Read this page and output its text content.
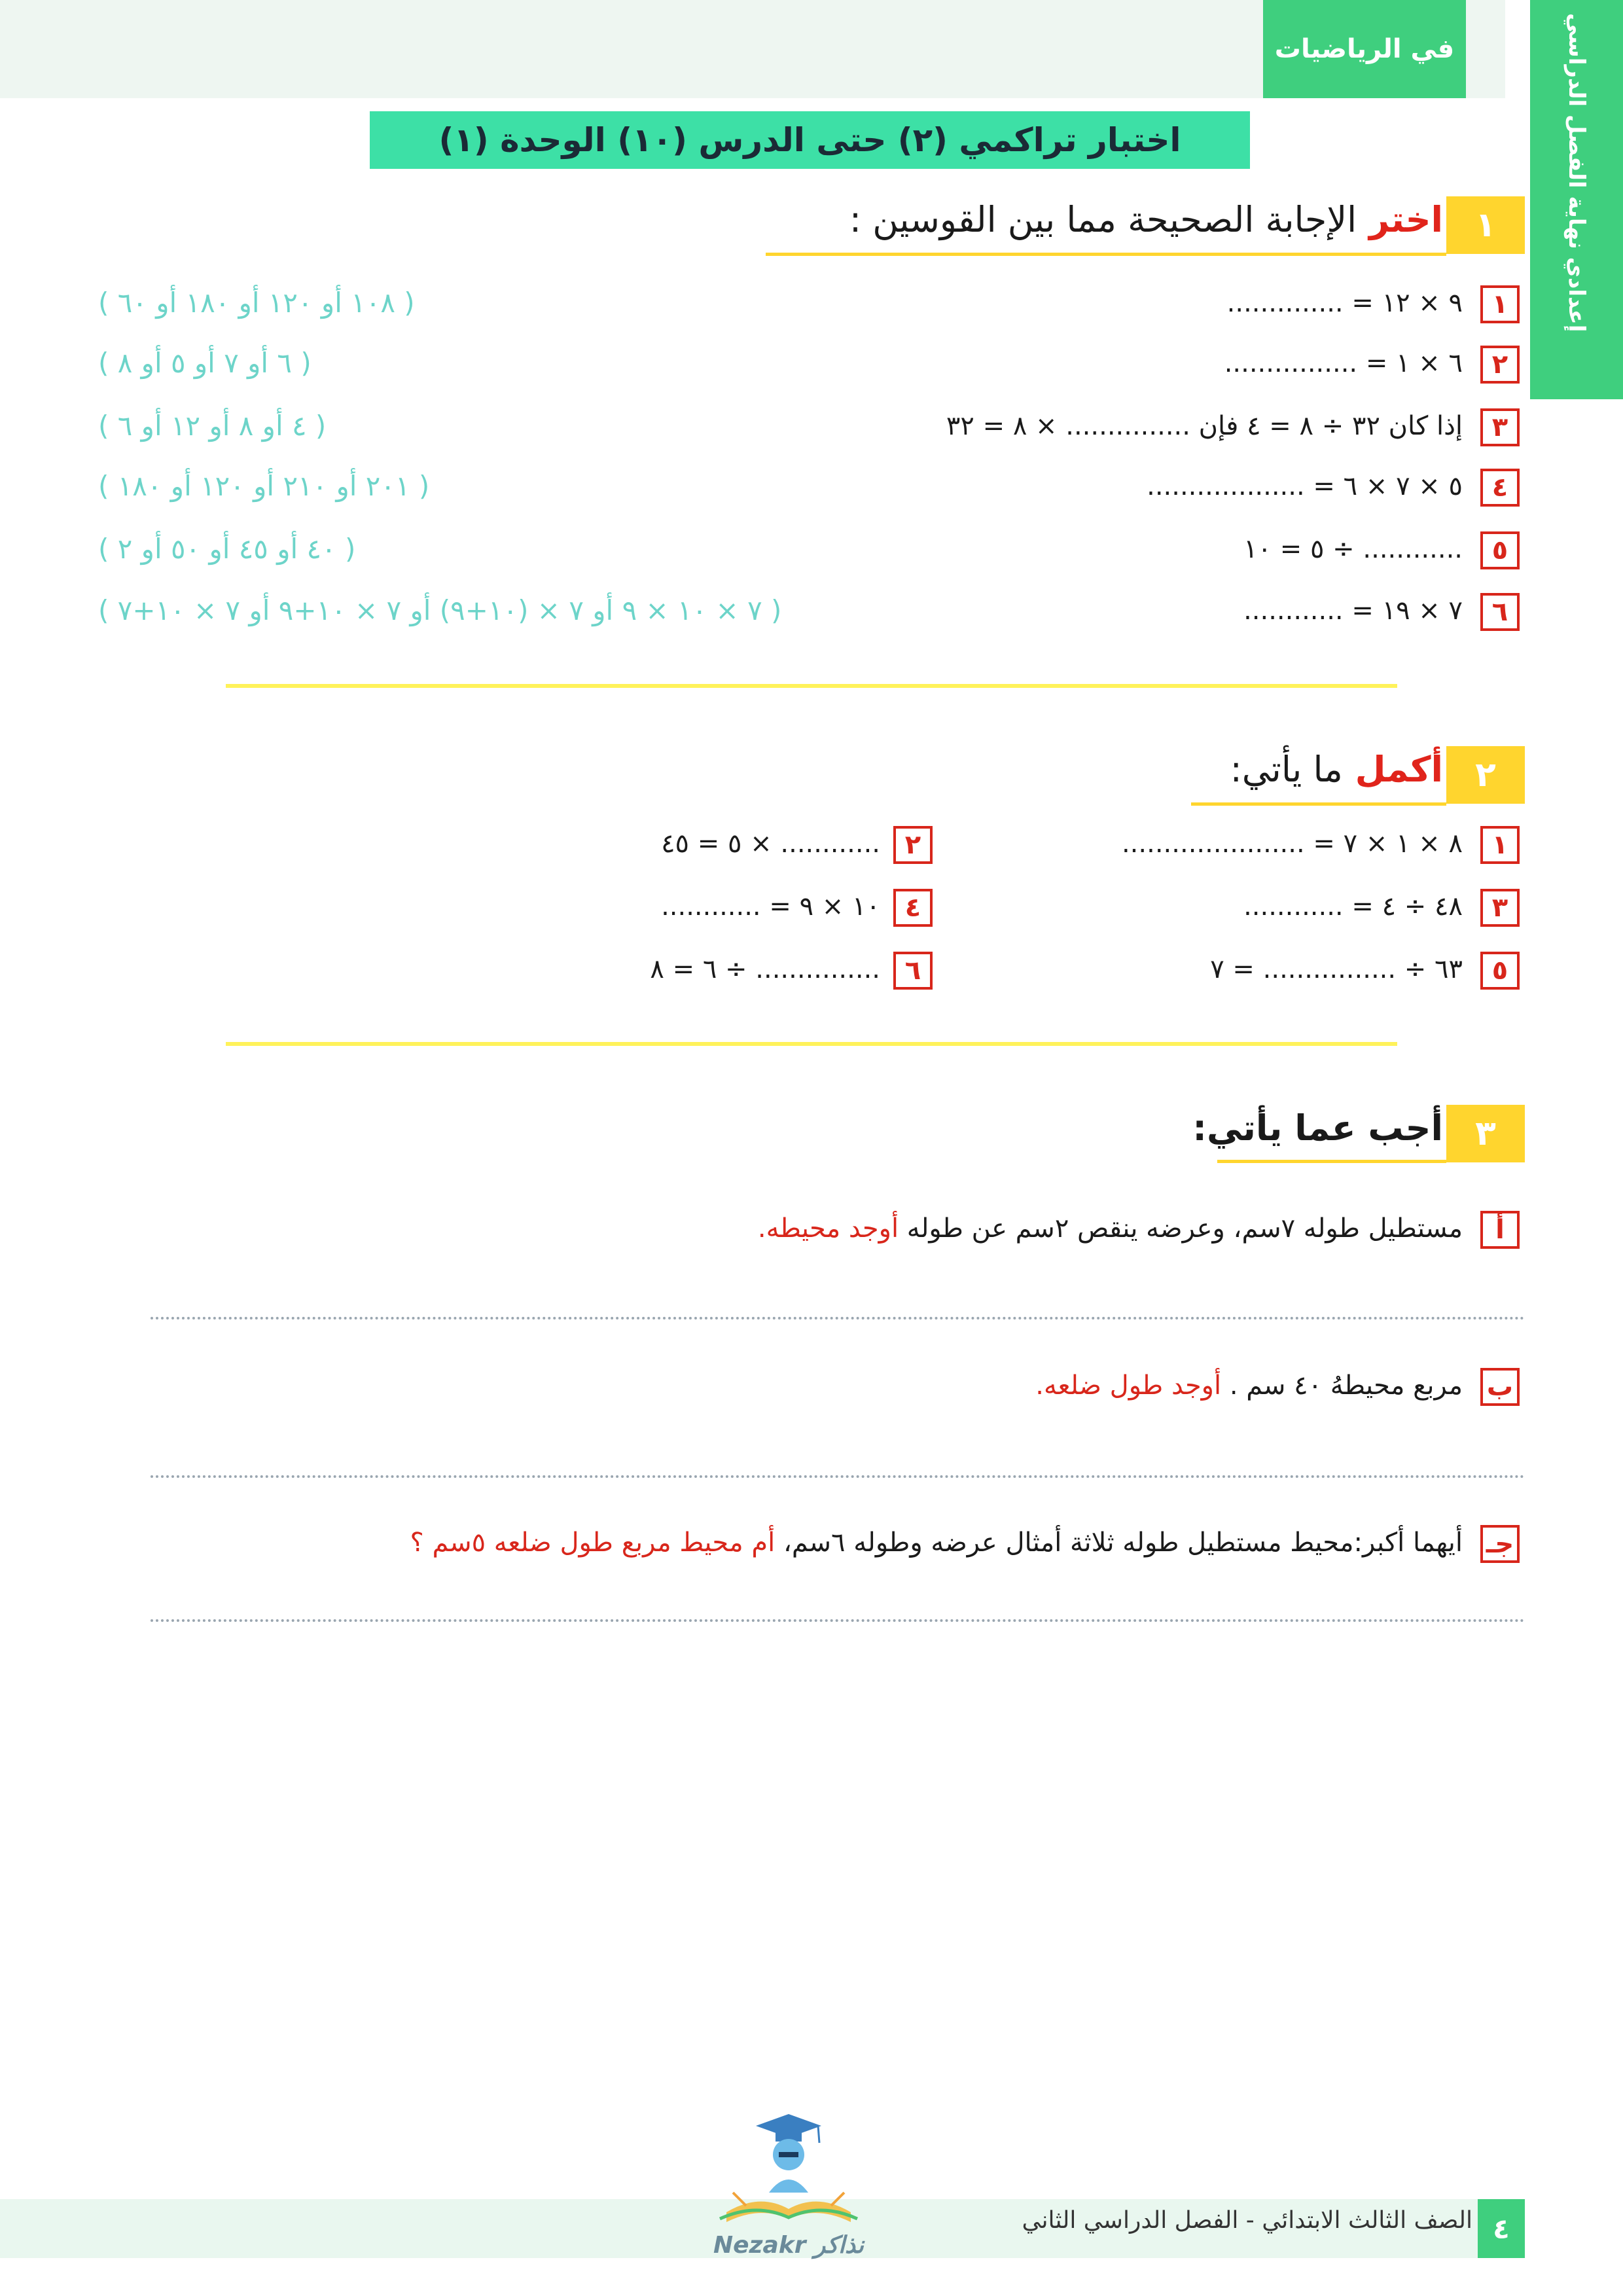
في الرياضيات	إعدادي نهاية الفصل الدراسي
اختبار تراكمي (٢) حتى الدرس (١٠) الوحدة (١)
١
اختر الإجابة الصحيحة مما بين القوسين :
١
٩ × ١٢ = ..............
( ١٠٨ أو ١٢٠ أو ١٨٠ أو ٦٠ )
٢
٦ × ١ = ................
( ٦ أو ٧ أو ٥ أو ٨ )
٣
إذا كان ٣٢ ÷ ٨ = ٤ فإن ............... × ٨ = ٣٢
( ٤ أو ٨ أو ١٢ أو ٦ )
٤
٥ × ٧ × ٦ = ...................
( ٢٠١ أو ٢١٠ أو ١٢٠ أو ١٨٠ )
٥
............ ÷ ٥ = ١٠
( ٤٠ أو ٤٥ أو ٥٠ أو ٢ )
٦
٧ × ١٩ = ............
( ٧ × ١٠ × ٩ أو ٧ × (١٠+٩) أو ٧ × ١٠+٩ أو ٧ × ١٠+٧ )
٢
أكمل ما يأتي:
١
٨ × ١ × ٧ = ......................
٣
٤٨ ÷ ٤ = ............
٥
٦٣ ÷ ................ = ٧
٢
............ × ٥ = ٤٥
٤
١٠ × ٩ = ............
٦
............... ÷ ٦ = ٨
٣
أجب عما يأتي:
أ
مستطيل طوله ٧سم، وعرضه ينقص ٢سم عن طوله أوجد محيطه.
ب
مربع محيطهُ ٤٠ سم . أوجد طول ضلعه.
جـ
أيهما أكبر:محيط مستطيل طوله ثلاثة أمثال عرضه وطوله ٦سم، أم محيط مربع طول ضلعه ٥سم ؟
٤
الصف الثالث الابتدائي - الفصل الدراسي الثاني
Nezakr نذاكر
